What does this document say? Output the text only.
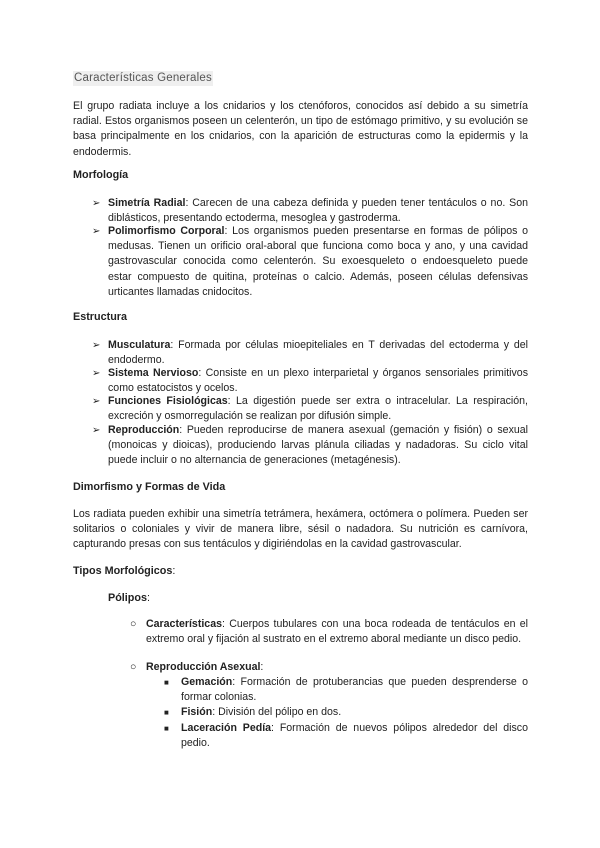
Características Generales
El grupo radiata incluye a los cnidarios y los ctenóforos, conocidos así debido a su simetría radial. Estos organismos poseen un celenterón, un tipo de estómago primitivo, y su evolución se basa principalmente en los cnidarios, con la aparición de estructuras como la epidermis y la endodermis.
Morfología
➢ Simetría Radial: Carecen de una cabeza definida y pueden tener tentáculos o no. Son diblásticos, presentando ectoderma, mesoglea y gastroderma.
➢ Polimorfismo Corporal: Los organismos pueden presentarse en formas de pólipos o medusas. Tienen un orificio oral-aboral que funciona como boca y ano, y una cavidad gastrovascular conocida como celenterón. Su exoesqueleto o endoesqueleto puede estar compuesto de quitina, proteínas o calcio. Además, poseen células defensivas urticantes llamadas cnidocitos.
Estructura
➢ Musculatura: Formada por células mioepiteliales en T derivadas del ectoderma y del endodermo.
➢ Sistema Nervioso: Consiste en un plexo interparietal y órganos sensoriales primitivos como estatocistos y ocelos.
➢ Funciones Fisiológicas: La digestión puede ser extra o intracelular. La respiración, excreción y osmorregulación se realizan por difusión simple.
➢ Reproducción: Pueden reproducirse de manera asexual (gemación y fisión) o sexual (monoicas y dioicas), produciendo larvas plánula ciliadas y nadadoras. Su ciclo vital puede incluir o no alternancia de generaciones (metagénesis).
Dimorfismo y Formas de Vida
Los radiata pueden exhibir una simetría tetrámera, hexámera, octómera o polímera. Pueden ser solitarios o coloniales y vivir de manera libre, sésil o nadadora. Su nutrición es carnívora, capturando presas con sus tentáculos y digiriéndolas en la cavidad gastrovascular.
Tipos Morfológicos:
Pólipos:
○ Características: Cuerpos tubulares con una boca rodeada de tentáculos en el extremo oral y fijación al sustrato en el extremo aboral mediante un disco pedio.
○ Reproducción Asexual:
■ Gemación: Formación de protuberancias que pueden desprenderse o formar colonias.
■ Fisión: División del pólipo en dos.
■ Laceración Pedía: Formación de nuevos pólipos alrededor del disco pedio.
